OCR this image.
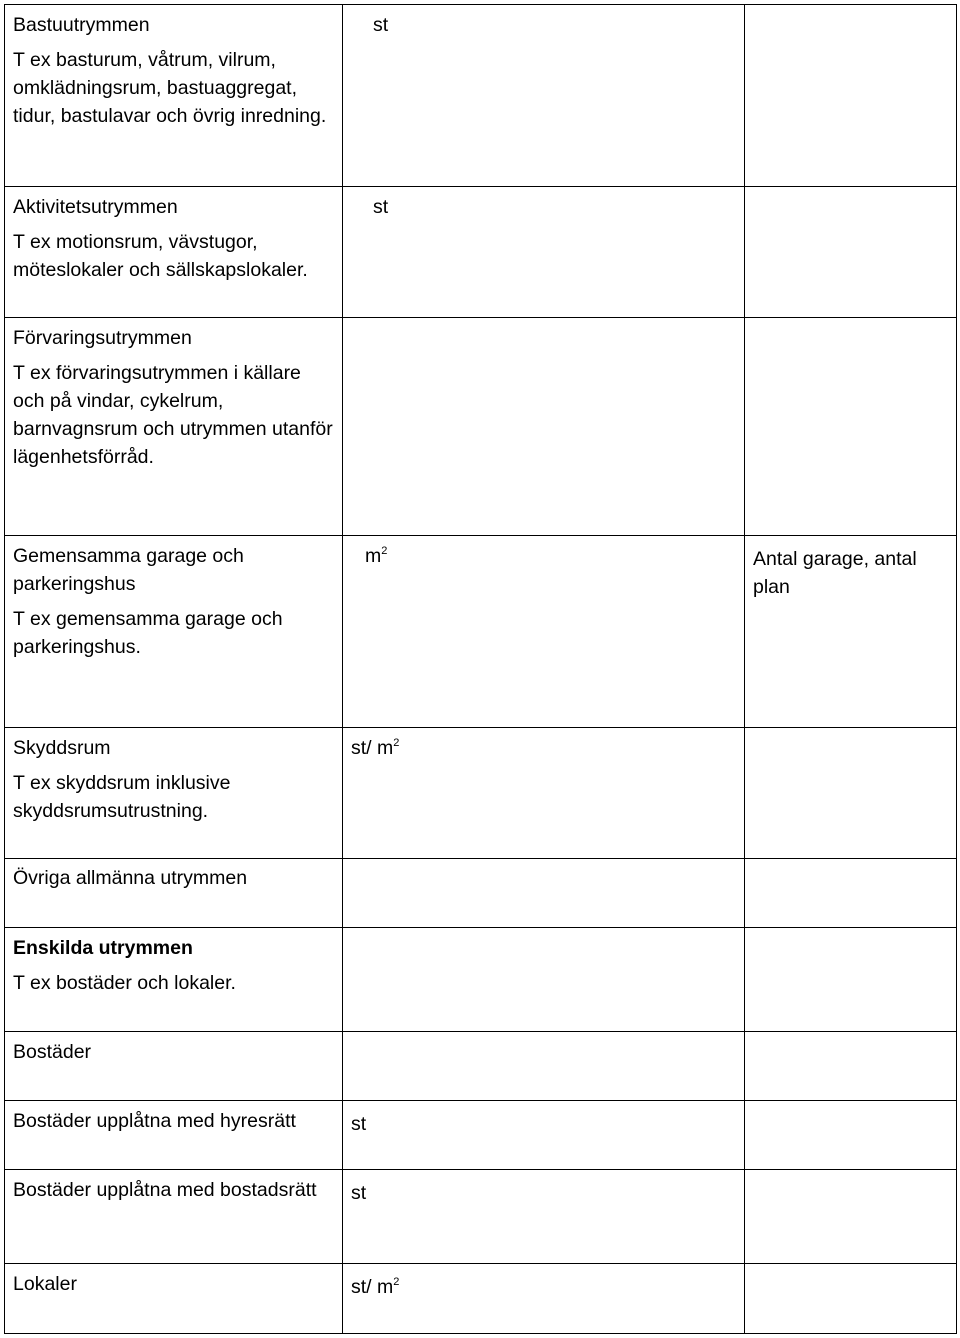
Bastuutrymmen

T ex basturum, våtrum, vilrum, omklädningsrum, bastuaggregat, tidur, bastulavar och övrig inredning.	st	

Aktivitetsutrymmen

T ex motionsrum, vävstugor, möteslokaler och sällskapslokaler.	st	

Förvaringsutrymmen

T ex förvaringsutrymmen i källare och på vindar, cykelrum, barnvagnsrum och utrymmen utanför lägenhetsförråd.		

Gemensamma garage och parkeringshus

T ex gemensamma garage och parkeringshus.	$m^2$	Antal garage, antal plan

Skyddsrum

T ex skyddsrum inklusive skyddsrumsutrustning.	st/ $m^2$

Övriga allmänna utrymmen		

Enskilda utrymmen

T ex bostäder och lokaler.		

Bostäder		

Bostäder upplåtna med hyresrätt	st	

Bostäder upplåtna med bostadsrätt	st	

Lokaler	st/ $m^2$
